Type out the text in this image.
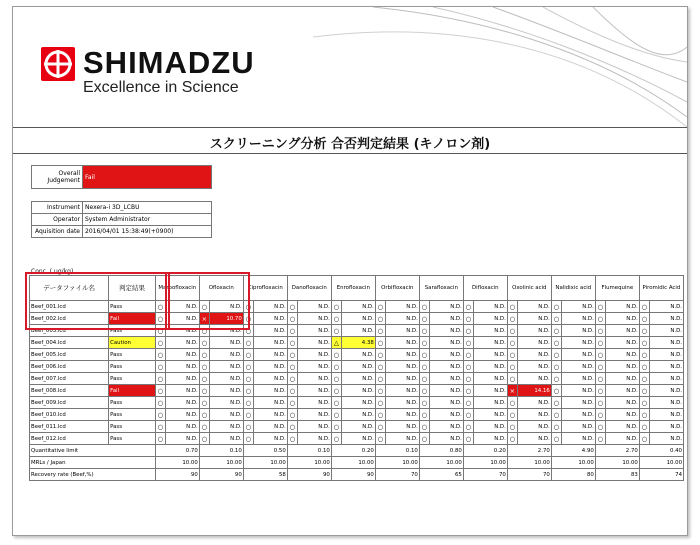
SHIMADZU
Excellence in Science
スクリーニング分析 合否判定結果 (キノロン剤)
Overall Judgement	Fail
Instrument	Nexera-i 3D_LCBU
Operator	System Administrator
Aquisition date	2016/04/01 15:38:49(+0900)
Conc. ( ug/kg)
データファイル名	判定結果	Marbofloxacin		Ofloxacin		Ciprofloxacin		Danofloxacin		Enrofloxacin		Orbifloxacin		Sarafloxacin		Difloxacin		Oxolinic acid		Nalidixic acid		Flumequine		Piromidic Acid	
Beef_001.lcd	Pass	○	N.D.	○	N.D.	○	N.D.	○	N.D.	○	N.D.	○	N.D.	○	N.D.	○	N.D.	○	N.D.	○	N.D.	○	N.D.	○	N.D.
Beef_002.lcd	Fail	○	N.D.	×	10.70	○	N.D.	○	N.D.	○	N.D.	○	N.D.	○	N.D.	○	N.D.	○	N.D.	○	N.D.	○	N.D.	○	N.D.
Beef_003.lcd	Pass	○	N.D.	○	N.D.	○	N.D.	○	N.D.	○	N.D.	○	N.D.	○	N.D.	○	N.D.	○	N.D.	○	N.D.	○	N.D.	○	N.D.
Beef_004.lcd	Caution	○	N.D.	○	N.D.	○	N.D.	○	N.D.	△	4.38	○	N.D.	○	N.D.	○	N.D.	○	N.D.	○	N.D.	○	N.D.	○	N.D.
Beef_005.lcd	Pass	○	N.D.	○	N.D.	○	N.D.	○	N.D.	○	N.D.	○	N.D.	○	N.D.	○	N.D.	○	N.D.	○	N.D.	○	N.D.	○	N.D.
Beef_006.lcd	Pass	○	N.D.	○	N.D.	○	N.D.	○	N.D.	○	N.D.	○	N.D.	○	N.D.	○	N.D.	○	N.D.	○	N.D.	○	N.D.	○	N.D.
Beef_007.lcd	Pass	○	N.D.	○	N.D.	○	N.D.	○	N.D.	○	N.D.	○	N.D.	○	N.D.	○	N.D.	○	N.D.	○	N.D.	○	N.D.	○	N.D.
Beef_008.lcd	Fail	○	N.D.	○	N.D.	○	N.D.	○	N.D.	○	N.D.	○	N.D.	○	N.D.	○	N.D.	×	14.16	○	N.D.	○	N.D.	○	N.D.
Beef_009.lcd	Pass	○	N.D.	○	N.D.	○	N.D.	○	N.D.	○	N.D.	○	N.D.	○	N.D.	○	N.D.	○	N.D.	○	N.D.	○	N.D.	○	N.D.
Beef_010.lcd	Pass	○	N.D.	○	N.D.	○	N.D.	○	N.D.	○	N.D.	○	N.D.	○	N.D.	○	N.D.	○	N.D.	○	N.D.	○	N.D.	○	N.D.
Beef_011.lcd	Pass	○	N.D.	○	N.D.	○	N.D.	○	N.D.	○	N.D.	○	N.D.	○	N.D.	○	N.D.	○	N.D.	○	N.D.	○	N.D.	○	N.D.
Beef_012.lcd	Pass	○	N.D.	○	N.D.	○	N.D.	○	N.D.	○	N.D.	○	N.D.	○	N.D.	○	N.D.	○	N.D.	○	N.D.	○	N.D.	○	N.D.
Quantitative limit		0.70		0.10		0.50		0.10		0.20		0.10		0.80		0.20		2.70		4.90		2.70		0.40	
MRLs / Japan		10.00		10.00		10.00		10.00		10.00		10.00		10.00		10.00		10.00		10.00		10.00		10.00	
Recovery rate (Beef,%)		90		90		58		90		90		70		65		70		70		80		83		74	
